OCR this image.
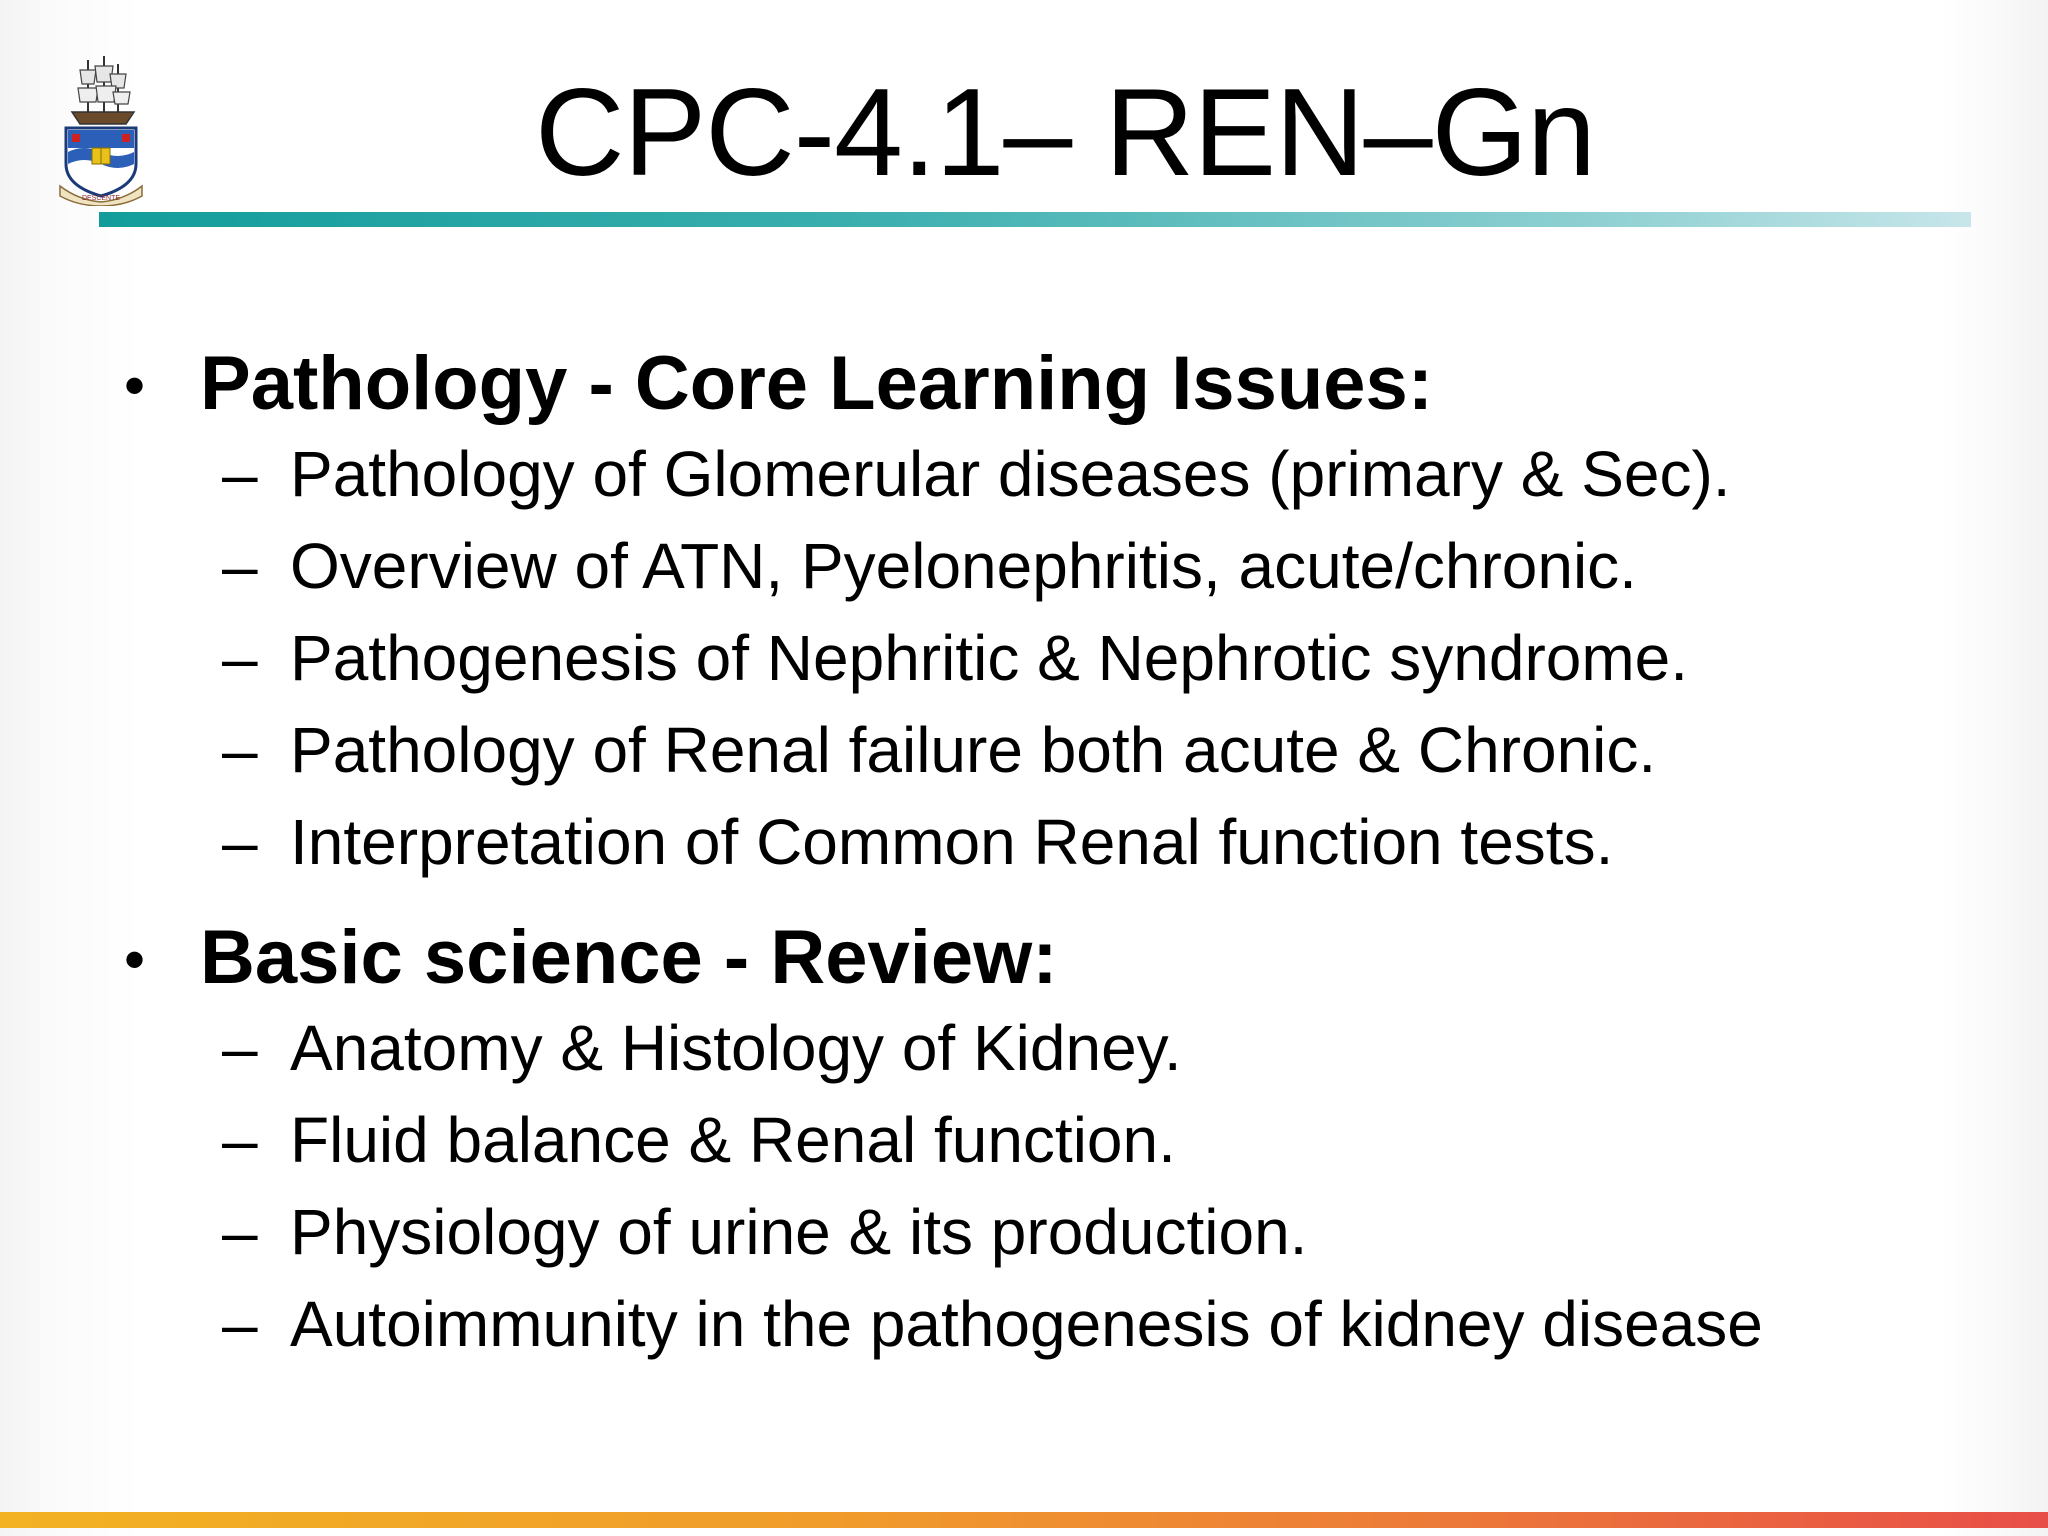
DESCENTE	CPC-4.1– REN–Gn
• Pathology - Core Learning Issues:
– Pathology of Glomerular diseases (primary & Sec).
– Overview of ATN, Pyelonephritis, acute/chronic.
– Pathogenesis of Nephritic & Nephrotic syndrome.
– Pathology of Renal failure both acute & Chronic.
– Interpretation of Common Renal function tests.
• Basic science - Review:
– Anatomy & Histology of Kidney.
– Fluid balance & Renal function.
– Physiology of urine & its production.
– Autoimmunity in the pathogenesis of kidney disease
